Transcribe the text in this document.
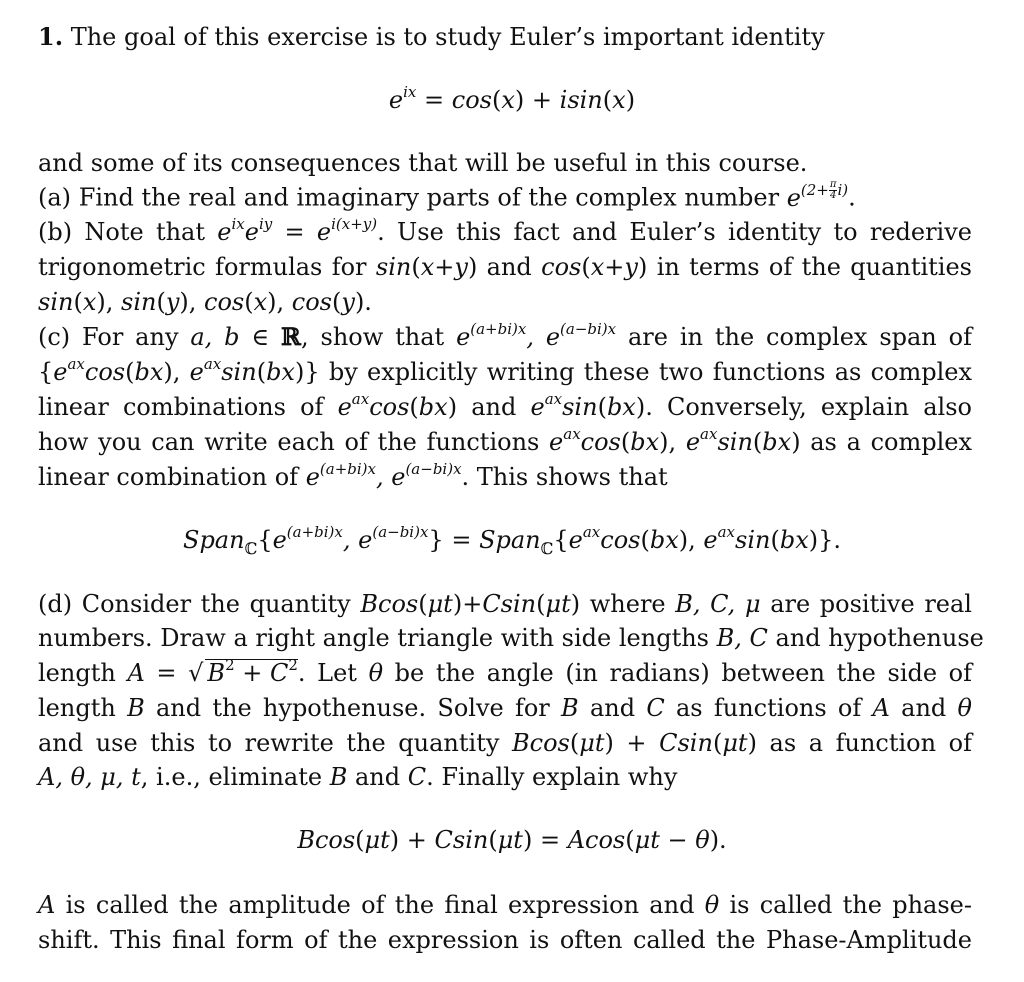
1. The goal of this exercise is to study Euler’s important identity
$e^{ix} = \cos(x) + isin(x)$
and some of its consequences that will be useful in this course.
(a) Find the real and imaginary parts of the complex number $e^{(2+ \frac{\pi}{4} i)}$.
(b) Note that $e^{ix}e^{iy} = e^{i(x+y)}$. Use this fact and Euler’s identity to rederive
trigonometric formulas for sin(x+y) and cos(x+y) in terms of the quantities
sin(x), sin(y), cos(x), cos(y).
(c) For any a, b ∈ ℝ, show that $e^{(a+bi)x}$, $e^{(a-bi)x}$ are in the complex span of
{$e^{ax}\cos(bx)$, $e^{ax}\sin(bx)$} by explicitly writing these two functions as complex
linear combinations of $e^{ax}\cos(bx)$ and $e^{ax}\sin(bx)$. Conversely, explain also
how you can write each of the functions $e^{ax}\cos(bx)$, $e^{ax}\sin(bx)$ as a complex
linear combination of $e^{(a+bi)x}$, $e^{(a-bi)x}$. This shows that
$Span_ℂ\{e^{(a+bi)x}$, $e^{(a-bi)x}$} = $Span_ℂ\{e^{ax}\cos(bx)$, $e^{ax}\sin(bx)$}.
(d) Consider the quantity Bcos(μt)+Csin(μt) where B, C, μ are positive real
numbers. Draw a right angle triangle with side lengths B, C and hypothenuse
length A = √ $B^2 + C^2$. Let θ be the angle (in radians) between the side of
length B and the hypothenuse. Solve for B and C as functions of A and θ
and use this to rewrite the quantity Bcos(μt) + Csin(μt) as a function of
A, θ, μ, t, i.e., eliminate B and C. Finally explain why
Bcos(μt) + Csin(μt) = Acos(μt − θ).
A is called the amplitude of the final expression and θ is called the phase-
shift. This final form of the expression is often called the Phase-Amplitude
